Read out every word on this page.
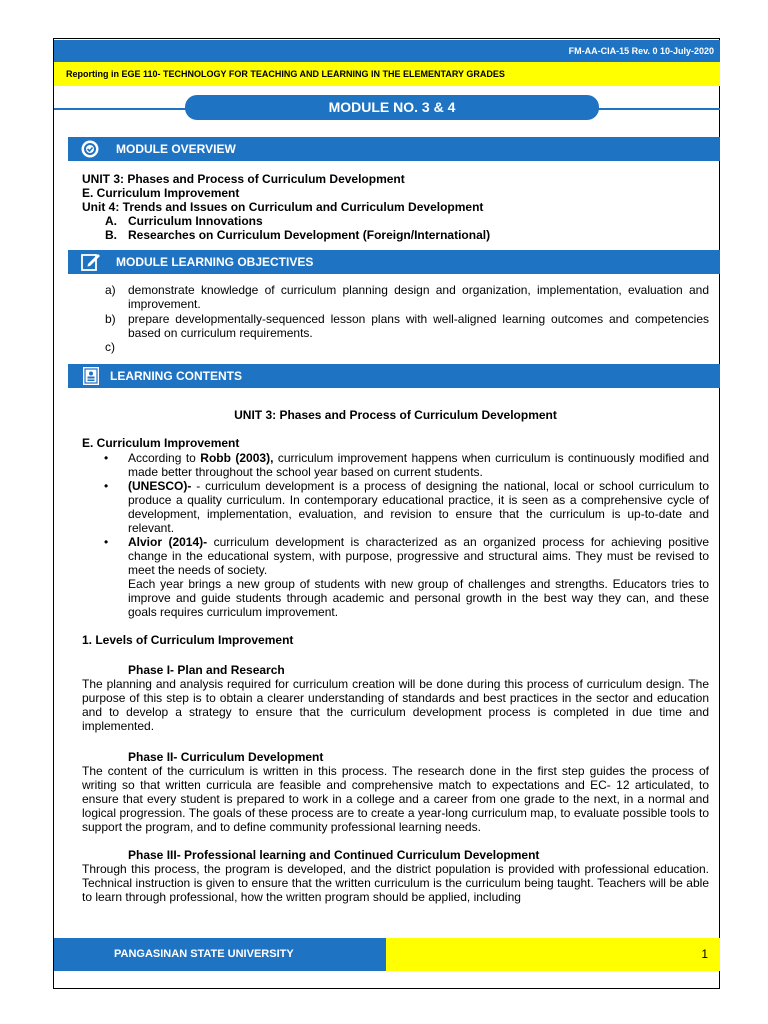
FM-AA-CIA-15 Rev. 0 10-July-2020
Reporting in EGE 110- TECHNOLOGY FOR TEACHING AND LEARNING IN THE ELEMENTARY GRADES
MODULE NO. 3 & 4
MODULE OVERVIEW
UNIT 3: Phases and Process of Curriculum Development
E. Curriculum Improvement
Unit 4: Trends and Issues on Curriculum and Curriculum Development
A. Curriculum Innovations
B. Researches on Curriculum Development (Foreign/International)
MODULE LEARNING OBJECTIVES
a) demonstrate knowledge of curriculum planning design and organization, implementation, evaluation and improvement.
b) prepare developmentally-sequenced lesson plans with well-aligned learning outcomes and competencies based on curriculum requirements.
c)
LEARNING CONTENTS
UNIT 3: Phases and Process of Curriculum Development
E. Curriculum Improvement
• According to Robb (2003), curriculum improvement happens when curriculum is continuously modified and made better throughout the school year based on current students.
• (UNESCO)- - curriculum development is a process of designing the national, local or school curriculum to produce a quality curriculum. In contemporary educational practice, it is seen as a comprehensive cycle of development, implementation, evaluation, and revision to ensure that the curriculum is up-to-date and relevant.
• Alvior (2014)- curriculum development is characterized as an organized process for achieving positive change in the educational system, with purpose, progressive and structural aims. They must be revised to meet the needs of society.
Each year brings a new group of students with new group of challenges and strengths. Educators tries to improve and guide students through academic and personal growth in the best way they can, and these goals requires curriculum improvement.
1. Levels of Curriculum Improvement
Phase I- Plan and Research
The planning and analysis required for curriculum creation will be done during this process of curriculum design. The purpose of this step is to obtain a clearer understanding of standards and best practices in the sector and education and to develop a strategy to ensure that the curriculum development process is completed in due time and implemented.
Phase II- Curriculum Development
The content of the curriculum is written in this process. The research done in the first step guides the process of writing so that written curricula are feasible and comprehensive match to expectations and EC- 12 articulated, to ensure that every student is prepared to work in a college and a career from one grade to the next, in a normal and logical progression. The goals of these process are to create a year-long curriculum map, to evaluate possible tools to support the program, and to define community professional learning needs.
Phase III- Professional learning and Continued Curriculum Development
Through this process, the program is developed, and the district population is provided with professional education. Technical instruction is given to ensure that the written curriculum is the curriculum being taught. Teachers will be able to learn through professional, how the written program should be applied, including
PANGASINAN STATE UNIVERSITY	1
